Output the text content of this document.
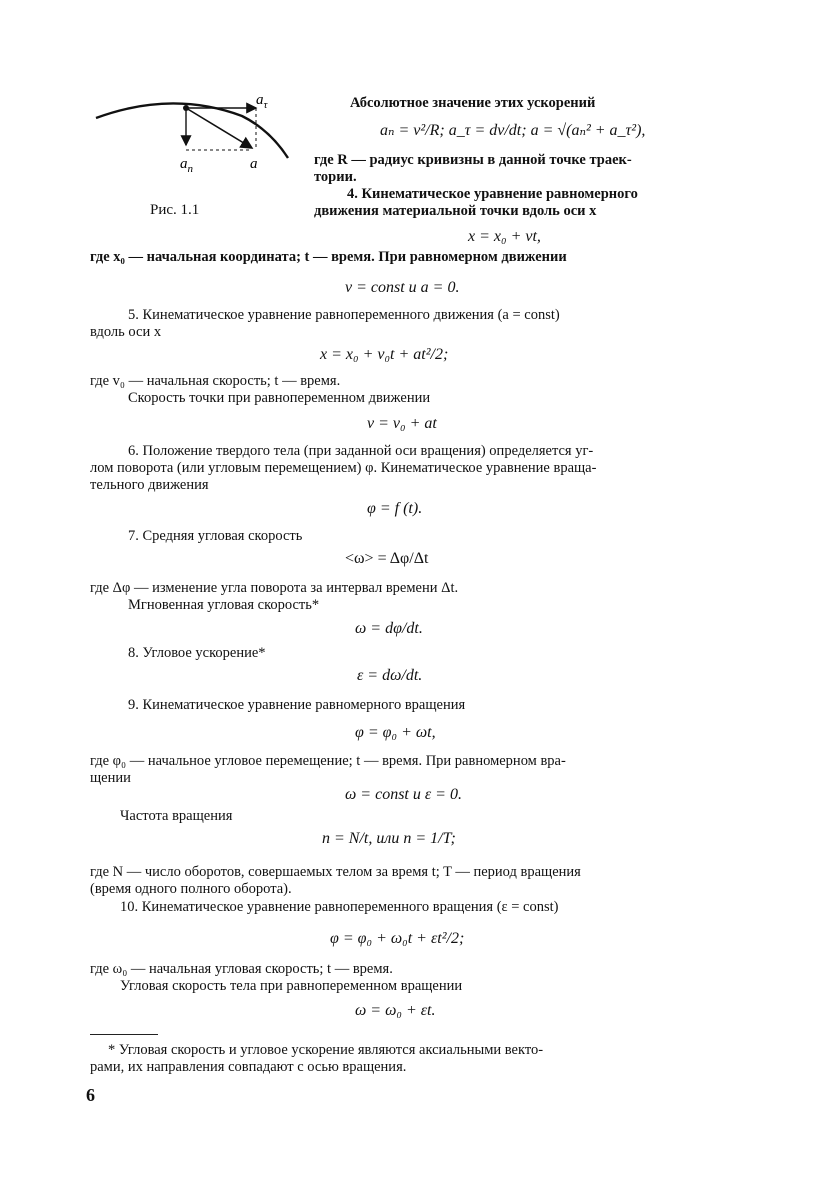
$a_\tau$
$a_n$	a
Рис. 1.1
Абсолютное значение этих ускорений
aₙ = v²/R; a_τ = dv/dt; a = √(aₙ² + a_τ²),
где R — радиус кривизны в данной точке траек-
тории.
4. Кинематическое уравнение равномерного
движения материальной точки вдоль оси x
x = x₀ + vt,
где x₀ — начальная координата; t — время. При равномерном движении
v = const и a = 0.
5. Кинематическое уравнение равнопеременного движения (a = const)
вдоль оси x
x = x₀ + v₀t + at²/2;
где v₀ — начальная скорость; t — время.
Скорость точки при равнопеременном движении
v = v₀ + at
6. Положение твердого тела (при заданной оси вращения) определяется уг-
лом поворота (или угловым перемещением) φ. Кинематическое уравнение враща-
тельного движения
φ = f (t).
7. Средняя угловая скорость
<ω> = Δφ/Δt
где Δφ — изменение угла поворота за интервал времени Δt.
Мгновенная угловая скорость*
ω = dφ/dt.
8. Угловое ускорение*
ε = dω/dt.
9. Кинематическое уравнение равномерного вращения
φ = φ₀ + ωt,
где φ₀ — начальное угловое перемещение; t — время. При равномерном вра-
щении
ω = const и ε = 0.
Частота вращения
n = N/t, или n = 1/T;
где N — число оборотов, совершаемых телом за время t; T — период вращения
(время одного полного оборота).
10. Кинематическое уравнение равнопеременного вращения (ε = const)
φ = φ₀ + ω₀t + εt²/2;
где ω₀ — начальная угловая скорость; t — время.
Угловая скорость тела при равнопеременном вращении
ω = ω₀ + εt.
* Угловая скорость и угловое ускорение являются аксиальными векто-
рами, их направления совпадают с осью вращения.
6
